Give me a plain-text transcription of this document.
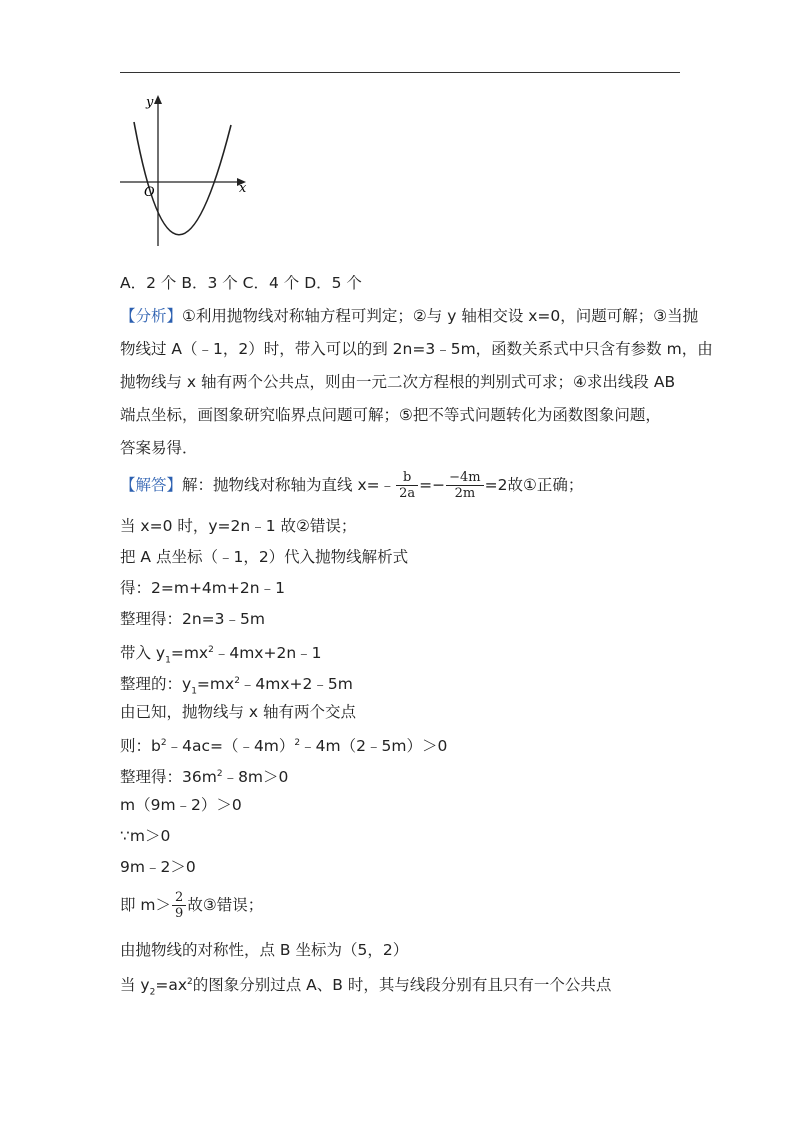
y
x
O
A．2 个 B．3 个 C．4 个 D．5 个
【分析】①利用抛物线对称轴方程可判定；②与 y 轴相交设 x=0，问题可解；③当抛
物线过 A（﹣1，2）时，带入可以的到 2n=3﹣5m，函数关系式中只含有参数 m，由
抛物线与 x 轴有两个公共点，则由一元二次方程根的判别式可求；④求出线段 AB
端点坐标，画图象研究临界点问题可解；⑤把不等式问题转化为函数图象问题，
答案易得．
【解答】解：抛物线对称轴为直线 x=﹣ $\frac{b}{2a} =- \frac{-4m}{2m} =2$故①正确；
当 x=0 时，y=2n﹣1 故②错误；
把 A 点坐标（﹣1，2）代入抛物线解析式
得：2=m+4m+2n﹣1
整理得：2n=3﹣5m
带入 $y_1=mx^2﹣4mx+2n﹣1$
整理的：$y_1=mx^2﹣4mx+2﹣5m$
由已知，抛物线与 x 轴有两个交点
则：$b^2﹣4ac=(﹣4m)^2﹣4m(2﹣5m)>0$
整理得：$36m^2﹣8m>0$
m（9m﹣2）＞0
∵m＞0
9m﹣2＞0
即 $m> \frac{2}{9}$ 故③错误；
由抛物线的对称性，点 B 坐标为（5，2）
当 $y_2=ax^2$的图象分别过点 A、B 时，其与线段分别有且只有一个公共点
